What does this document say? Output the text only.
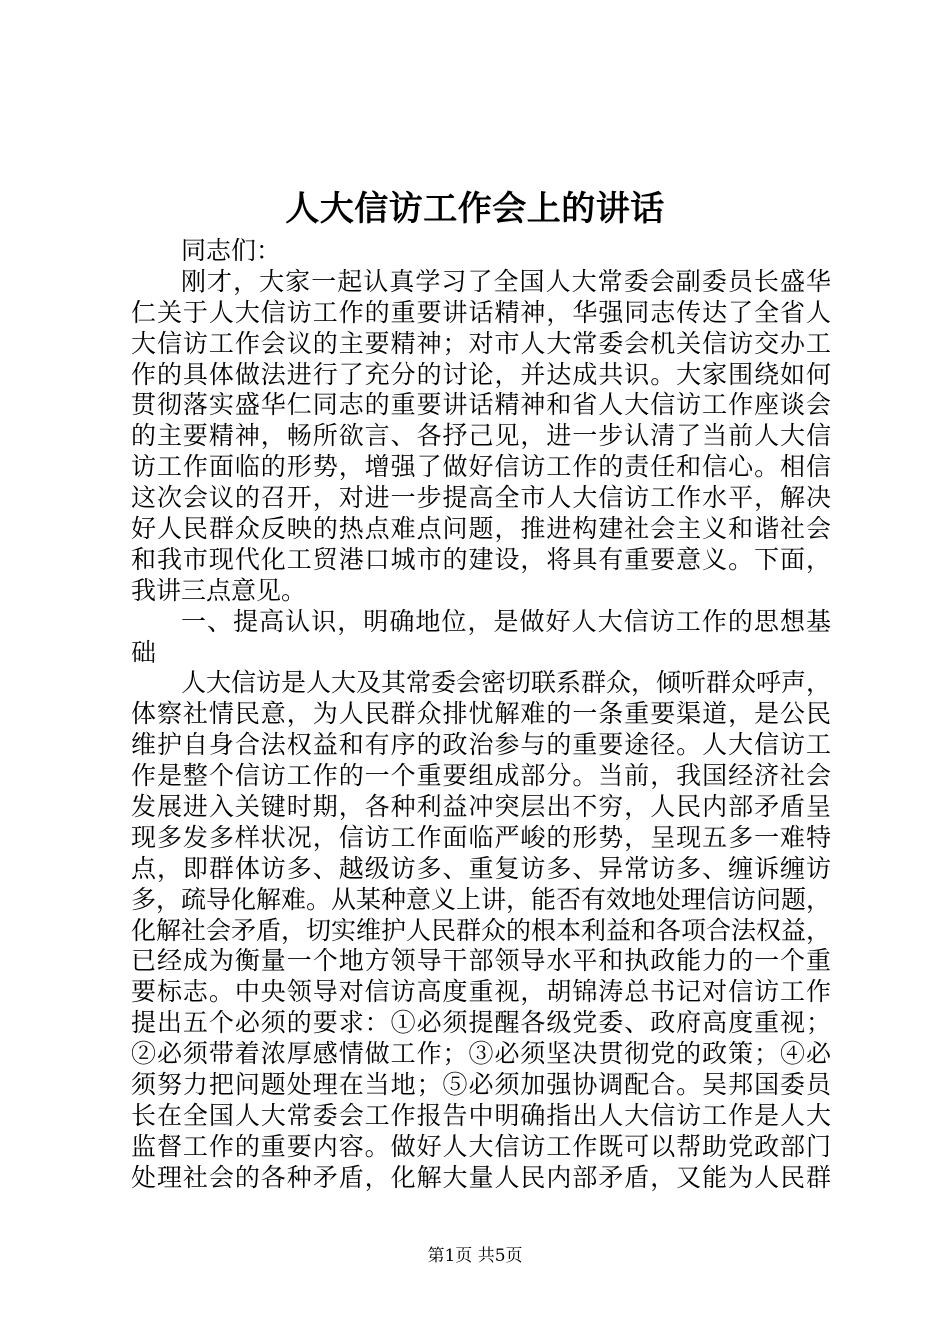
人大信访工作会上的讲话
同志们：
刚才，大家一起认真学习了全国人大常委会副委员长盛华
仁关于人大信访工作的重要讲话精神，华强同志传达了全省人
大信访工作会议的主要精神；对市人大常委会机关信访交办工
作的具体做法进行了充分的讨论，并达成共识。大家围绕如何
贯彻落实盛华仁同志的重要讲话精神和省人大信访工作座谈会
的主要精神，畅所欲言、各抒己见，进一步认清了当前人大信
访工作面临的形势，增强了做好信访工作的责任和信心。相信
这次会议的召开，对进一步提高全市人大信访工作水平，解决
好人民群众反映的热点难点问题，推进构建社会主义和谐社会
和我市现代化工贸港口城市的建设，将具有重要意义。下面，
我讲三点意见。
一、提高认识，明确地位，是做好人大信访工作的思想基
础
人大信访是人大及其常委会密切联系群众，倾听群众呼声，
体察社情民意，为人民群众排忧解难的一条重要渠道，是公民
维护自身合法权益和有序的政治参与的重要途径。人大信访工
作是整个信访工作的一个重要组成部分。当前，我国经济社会
发展进入关键时期，各种利益冲突层出不穷，人民内部矛盾呈
现多发多样状况，信访工作面临严峻的形势，呈现五多一难特
点，即群体访多、越级访多、重复访多、异常访多、缠诉缠访
多，疏导化解难。从某种意义上讲，能否有效地处理信访问题，
化解社会矛盾，切实维护人民群众的根本利益和各项合法权益，
已经成为衡量一个地方领导干部领导水平和执政能力的一个重
要标志。中央领导对信访高度重视，胡锦涛总书记对信访工作
提出五个必须的要求：①必须提醒各级党委、政府高度重视；
②必须带着浓厚感情做工作；③必须坚决贯彻党的政策；④必
须努力把问题处理在当地；⑤必须加强协调配合。吴邦国委员
长在全国人大常委会工作报告中明确指出人大信访工作是人大
监督工作的重要内容。做好人大信访工作既可以帮助党政部门
处理社会的各种矛盾，化解大量人民内部矛盾，又能为人民群
第1页 共5页
